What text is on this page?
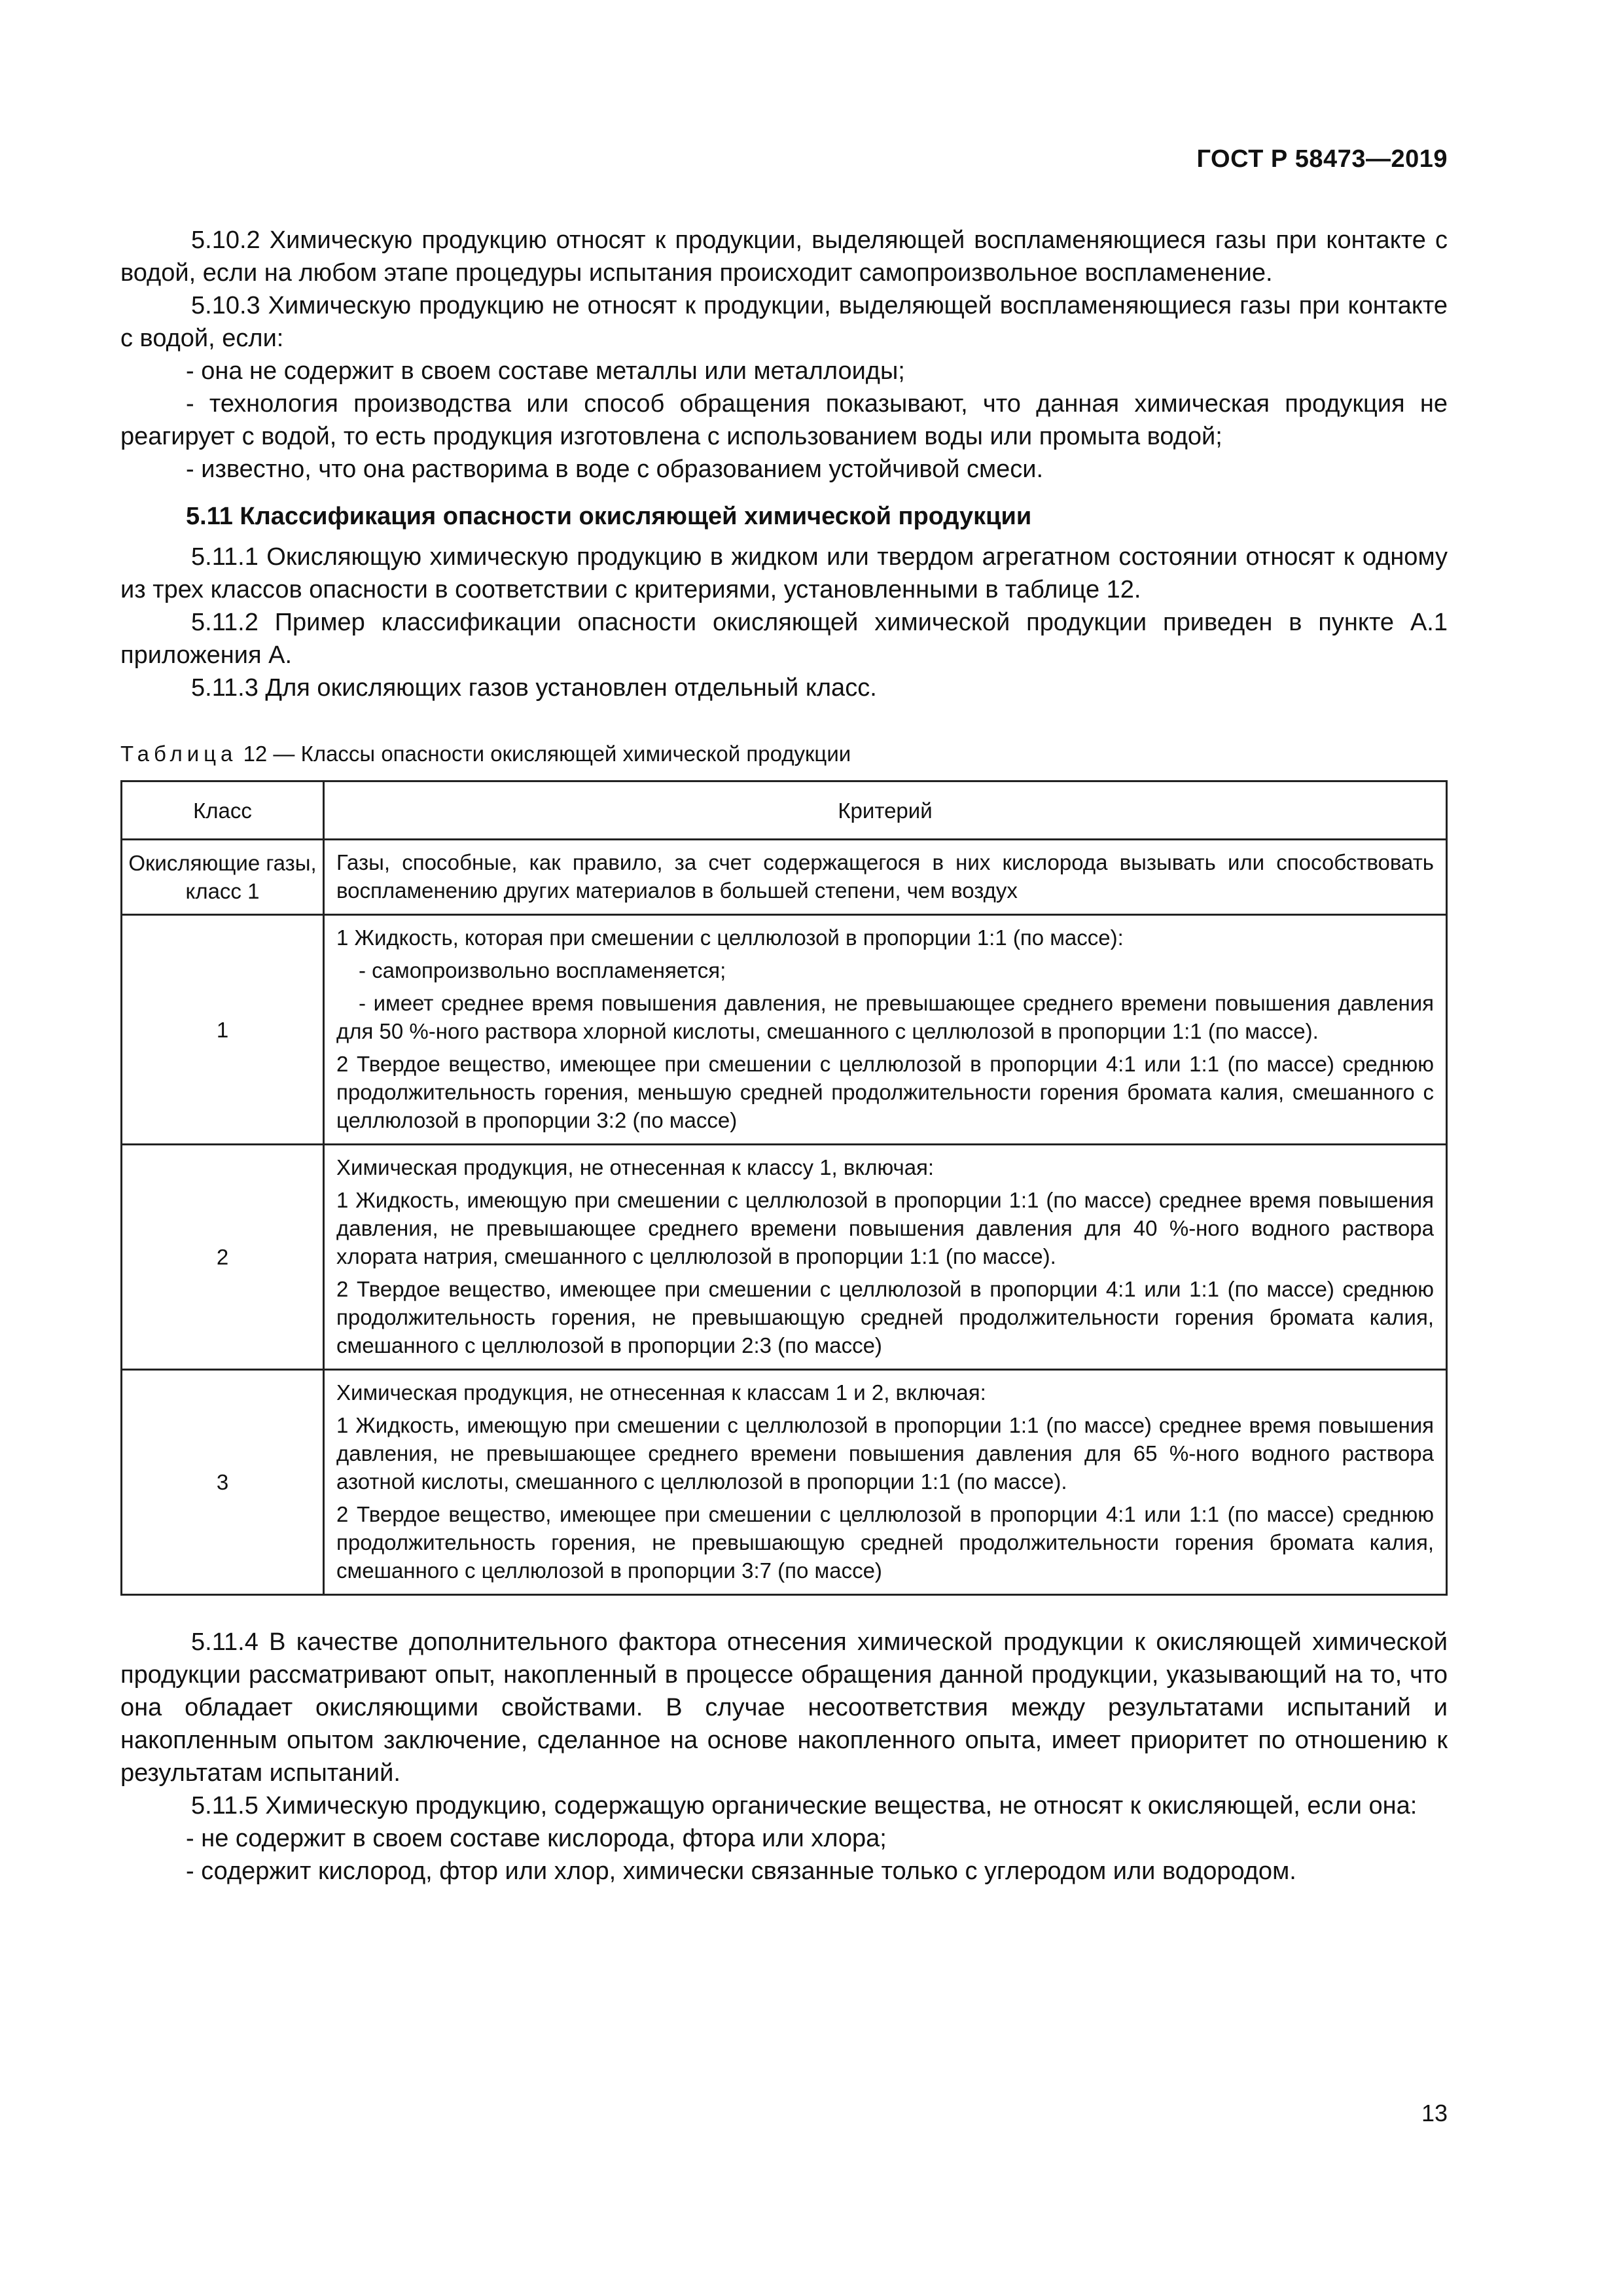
ГОСТ Р 58473—2019

5.10.2 Химическую продукцию относят к продукции, выделяющей воспламеняющиеся газы при контакте с водой, если на любом этапе процедуры испытания происходит самопроизвольное воспламенение.

5.10.3 Химическую продукцию не относят к продукции, выделяющей воспламеняющиеся газы при контакте с водой, если:

- она не содержит в своем составе металлы или металлоиды;

- технология производства или способ обращения показывают, что данная химическая продукция не реагирует с водой, то есть продукция изготовлена с использованием воды или промыта водой;

- известно, что она растворима в воде с образованием устойчивой смеси.

5.11 Классификация опасности окисляющей химической продукции

5.11.1 Окисляющую химическую продукцию в жидком или твердом агрегатном состоянии относят к одному из трех классов опасности в соответствии с критериями, установленными в таблице 12.

5.11.2 Пример классификации опасности окисляющей химической продукции приведен в пункте А.1 приложения А.

5.11.3 Для окисляющих газов установлен отдельный класс.

Таблица 12 — Классы опасности окисляющей химической продукции

Класс	Критерий
Окисляющие газы, класс 1	Газы, способные, как правило, за счет содержащегося в них кислорода вызывать или способствовать воспламенению других материалов в большей степени, чем воздух
1	1 Жидкость, которая при смешении с целлюлозой в пропорции 1:1 (по массе):

- самопроизвольно воспламеняется;

- имеет среднее время повышения давления, не превышающее среднего времени повышения давления для 50 %-ного раствора хлорной кислоты, смешанного с целлюлозой в пропорции 1:1 (по массе).

2 Твердое вещество, имеющее при смешении с целлюлозой в пропорции 4:1 или 1:1 (по массе) среднюю продолжительность горения, меньшую средней продолжительности горения бромата калия, смешанного с целлюлозой в пропорции 3:2 (по массе)

2	Химическая продукция, не отнесенная к классу 1, включая:

1 Жидкость, имеющую при смешении с целлюлозой в пропорции 1:1 (по массе) среднее время повышения давления, не превышающее среднего времени повышения давления для 40 %-ного водного раствора хлората натрия, смешанного с целлюлозой в пропорции 1:1 (по массе).

2 Твердое вещество, имеющее при смешении с целлюлозой в пропорции 4:1 или 1:1 (по массе) среднюю продолжительность горения, не превышающую средней продолжительности горения бромата калия, смешанного с целлюлозой в пропорции 2:3 (по массе)

3	Химическая продукция, не отнесенная к классам 1 и 2, включая:

1 Жидкость, имеющую при смешении с целлюлозой в пропорции 1:1 (по массе) среднее время повышения давления, не превышающее среднего времени повышения давления для 65 %-ного водного раствора азотной кислоты, смешанного с целлюлозой в пропорции 1:1 (по массе).

2 Твердое вещество, имеющее при смешении с целлюлозой в пропорции 4:1 или 1:1 (по массе) среднюю продолжительность горения, не превышающую средней продолжительности горения бромата калия, смешанного с целлюлозой в пропорции 3:7 (по массе)

5.11.4 В качестве дополнительного фактора отнесения химической продукции к окисляющей химической продукции рассматривают опыт, накопленный в процессе обращения данной продукции, указывающий на то, что она обладает окисляющими свойствами. В случае несоответствия между результатами испытаний и накопленным опытом заключение, сделанное на основе накопленного опыта, имеет приоритет по отношению к результатам испытаний.

5.11.5 Химическую продукцию, содержащую органические вещества, не относят к окисляющей, если она:

- не содержит в своем составе кислорода, фтора или хлора;

- содержит кислород, фтор или хлор, химически связанные только с углеродом или водородом.

13
